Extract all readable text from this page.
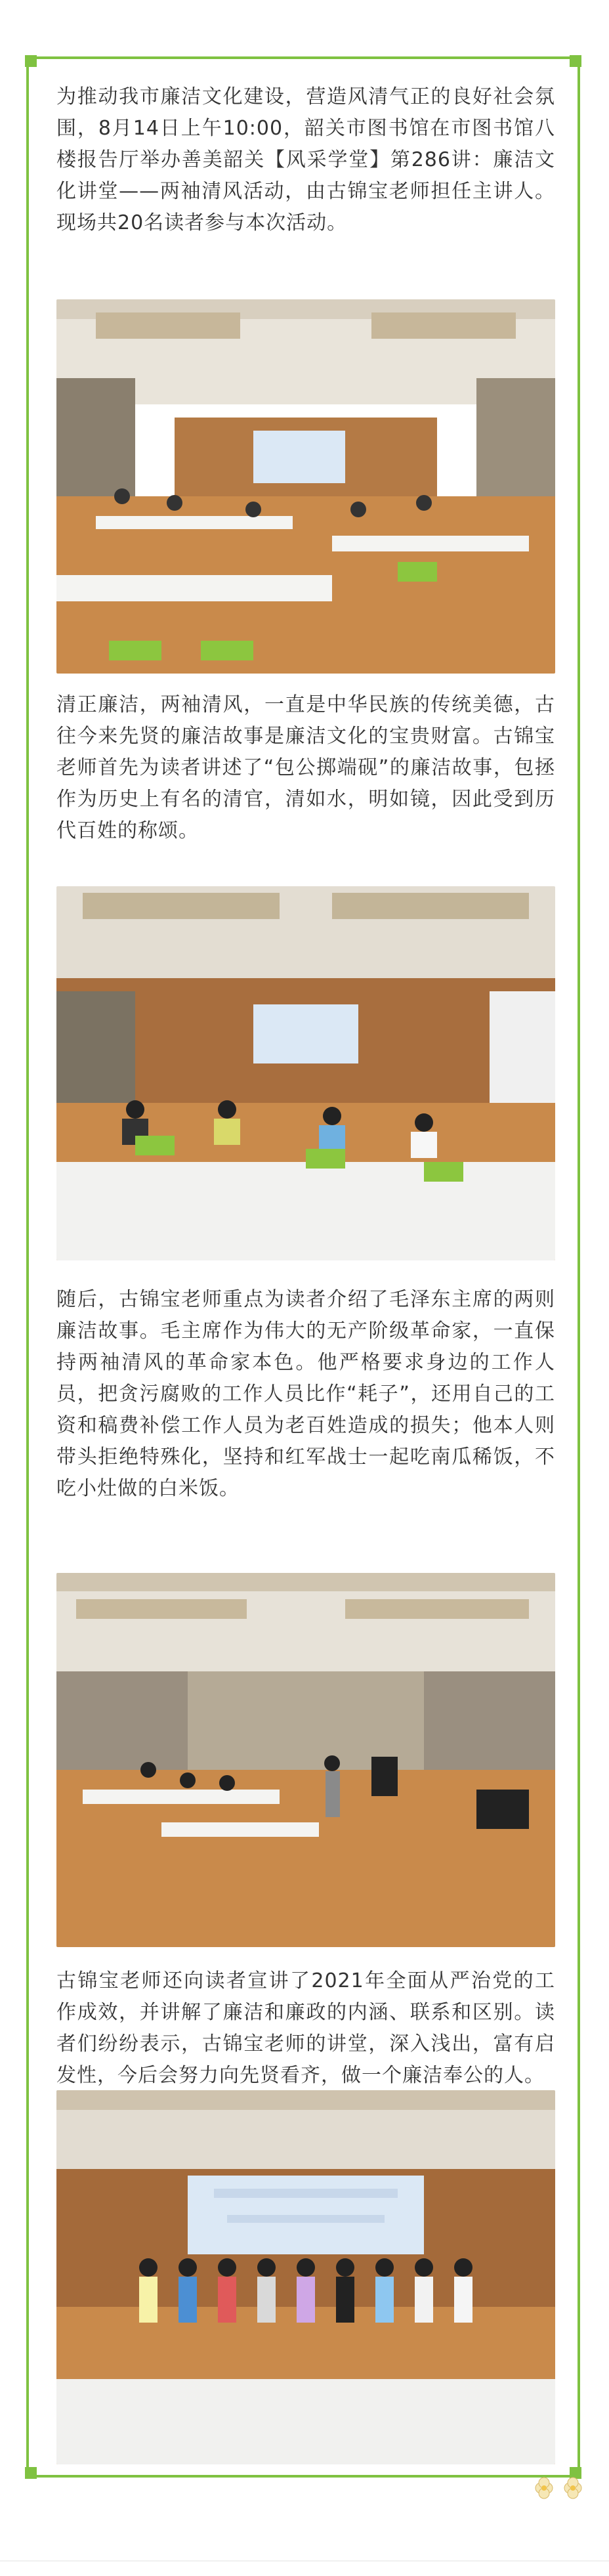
为推动我市廉洁文化建设，营造风清气正的良好社会氛围，8月14日上午10:00，韶关市图书馆在市图书馆八楼报告厅举办善美韶关【风采学堂】第286讲：廉洁文化讲堂——两袖清风活动，由古锦宝老师担任主讲人。现场共20名读者参与本次活动。

清正廉洁，两袖清风，一直是中华民族的传统美德，古往今来先贤的廉洁故事是廉洁文化的宝贵财富。古锦宝老师首先为读者讲述了“包公掷端砚”的廉洁故事，包拯作为历史上有名的清官，清如水，明如镜，因此受到历代百姓的称颂。

随后，古锦宝老师重点为读者介绍了毛泽东主席的两则廉洁故事。毛主席作为伟大的无产阶级革命家，一直保持两袖清风的革命家本色。他严格要求身边的工作人员，把贪污腐败的工作人员比作“耗子”，还用自己的工资和稿费补偿工作人员为老百姓造成的损失；他本人则带头拒绝特殊化，坚持和红军战士一起吃南瓜稀饭，不吃小灶做的白米饭。

古锦宝老师还向读者宣讲了2021年全面从严治党的工作成效，并讲解了廉洁和廉政的内涵、联系和区别。读者们纷纷表示，古锦宝老师的讲堂，深入浅出，富有启发性，今后会努力向先贤看齐，做一个廉洁奉公的人。
